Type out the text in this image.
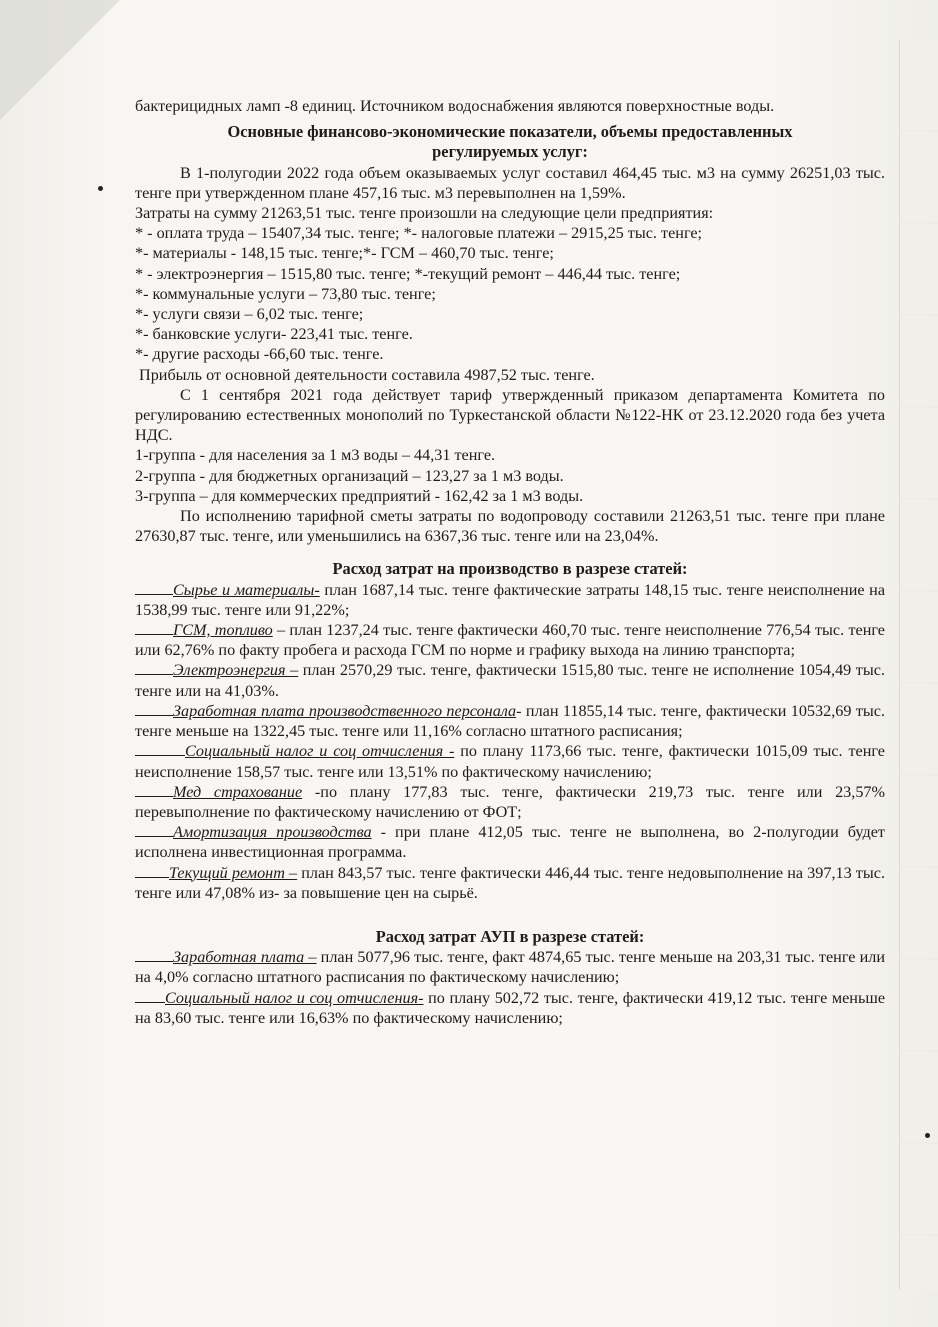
бактерицидных ламп -8 единиц. Источником водоснабжения являются поверхностные воды.

Основные финансово-экономические показатели, объемы предоставленных
регулируемых услуг:

В 1-полугодии 2022 года объем оказываемых услуг составил 464,45 тыс. м3 на сумму 26251,03 тыс. тенге при утвержденном плане 457,16 тыс. м3 перевыполнен на 1,59%.

Затраты на сумму 21263,51 тыс. тенге произошли на следующие цели предприятия:

* - оплата труда – 15407,34 тыс. тенге; *- налоговые платежи – 2915,25 тыс. тенге;
*- материалы - 148,15 тыс. тенге;*- ГСМ – 460,70 тыс. тенге;
* - электроэнергия – 1515,80 тыс. тенге; *-текущий ремонт – 446,44 тыс. тенге;
*- коммунальные услуги – 73,80 тыс. тенге;
*- услуги связи – 6,02 тыс. тенге;
*- банковские услуги- 223,41 тыс. тенге.
*- другие расходы -66,60 тыс. тенге.

Прибыль от основной деятельности составила 4987,52 тыс. тенге.

С 1 сентября 2021 года действует тариф утвержденный приказом департамента Комитета по регулированию естественных монополий по Туркестанской области №122-НК от 23.12.2020 года без учета НДС.

1-группа - для населения за 1 м3 воды – 44,31 тенге.
2-группа - для бюджетных организаций – 123,27 за 1 м3 воды.
3-группа – для коммерческих предприятий - 162,42 за 1 м3 воды.

По исполнению тарифной сметы затраты по водопроводу составили 21263,51 тыс. тенге при плане 27630,87 тыс. тенге, или уменьшились на 6367,36 тыс. тенге или на 23,04%.

Расход затрат на производство в разрезе статей:

Сырье и материалы- план 1687,14 тыс. тенге фактические затраты 148,15 тыс. тенге неисполнение на 1538,99 тыс. тенге или 91,22%;

ГСМ, топливо – план 1237,24 тыс. тенге фактически 460,70 тыс. тенге неисполнение 776,54 тыс. тенге или 62,76% по факту пробега и расхода ГСМ по норме и графику выхода на линию транспорта;

Электроэнергия – план 2570,29 тыс. тенге, фактически 1515,80 тыс. тенге не исполнение 1054,49 тыс. тенге или на 41,03%.

Заработная плата производственного персонала- план 11855,14 тыс. тенге, фактически 10532,69 тыс. тенге меньше на 1322,45 тыс. тенге или 11,16% согласно штатного расписания;

Социальный налог и соц отчисления - по плану 1173,66 тыс. тенге, фактически 1015,09 тыс. тенге неисполнение 158,57 тыс. тенге или 13,51% по фактическому начислению;

Мед страхование -по плану 177,83 тыс. тенге, фактически 219,73 тыс. тенге или 23,57% перевыполнение по фактическому начислению от ФОТ;

Амортизация производства - при плане 412,05 тыс. тенге не выполнена, во 2-полугодии будет исполнена инвестиционная программа.

Текущий ремонт – план 843,57 тыс. тенге фактически 446,44 тыс. тенге недовыполнение на 397,13 тыс. тенге или 47,08% из- за повышение цен на сырьё.

Расход затрат АУП в разрезе статей:

Заработная плата – план 5077,96 тыс. тенге, факт 4874,65 тыс. тенге меньше на 203,31 тыс. тенге или на 4,0% согласно штатного расписания по фактическому начислению;

Социальный налог и соц отчисления- по плану 502,72 тыс. тенге, фактически 419,12 тыс. тенге меньше на 83,60 тыс. тенге или 16,63% по фактическому начислению;
